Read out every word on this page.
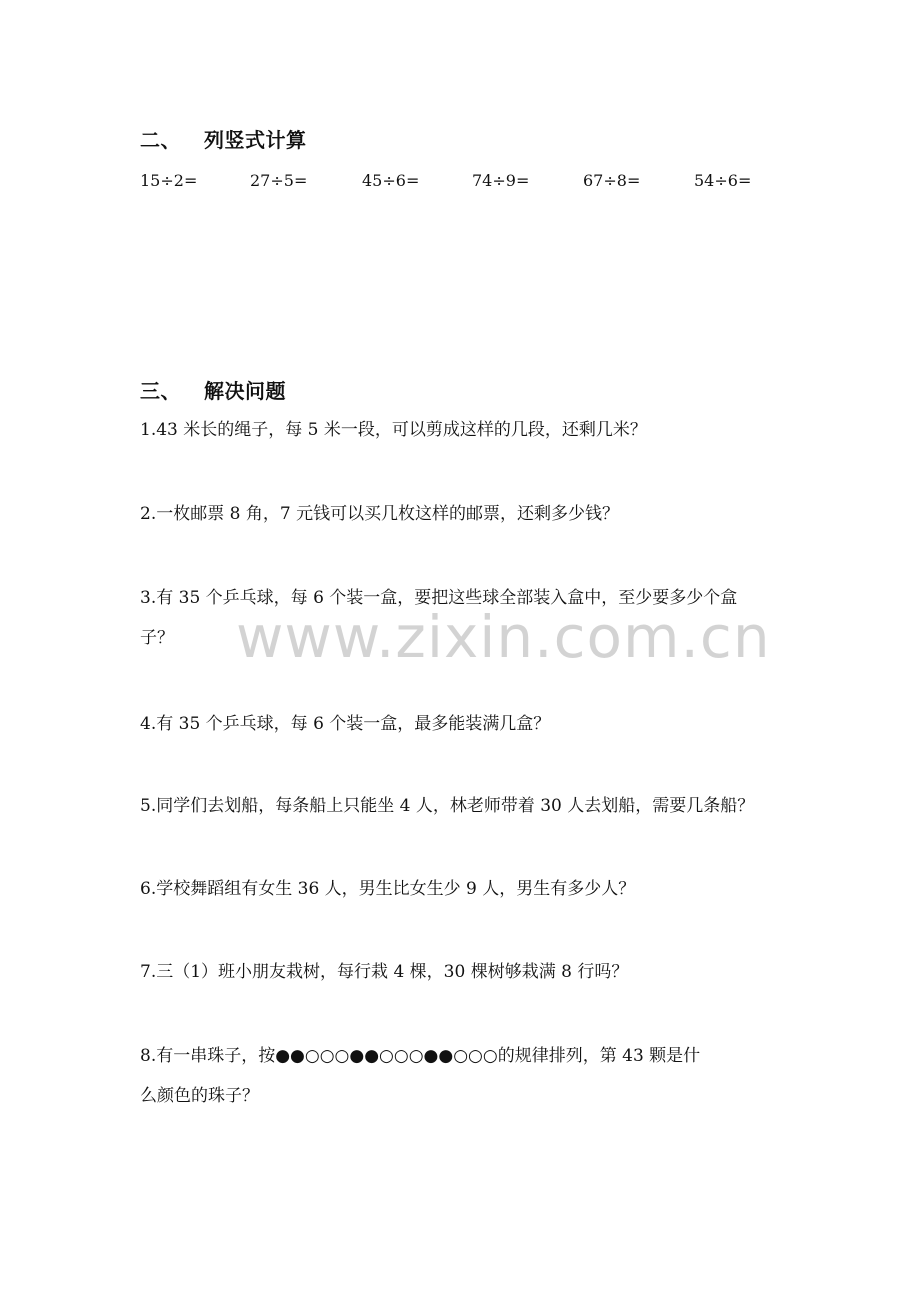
二、 列竖式计算
15÷2=	27÷5=	45÷6=	74÷9=	67÷8=	54÷6=
三、 解决问题
1.43 米长的绳子，每 5 米一段，可以剪成这样的几段，还剩几米？
2.一枚邮票 8 角，7 元钱可以买几枚这样的邮票，还剩多少钱？
3.有 35 个乒乓球，每 6 个装一盒，要把这些球全部装入盒中，至少要多少个盒
子？
4.有 35 个乒乓球，每 6 个装一盒，最多能装满几盒？
5.同学们去划船，每条船上只能坐 4 人，林老师带着 30 人去划船，需要几条船？
6.学校舞蹈组有女生 36 人，男生比女生少 9 人，男生有多少人？
7.三（1）班小朋友栽树，每行栽 4 棵，30 棵树够栽满 8 行吗？
8.有一串珠子，按●●○○○●●○○○●●○○○的规律排列，第 43 颗是什
么颜色的珠子？
www.zixin.com.cn
